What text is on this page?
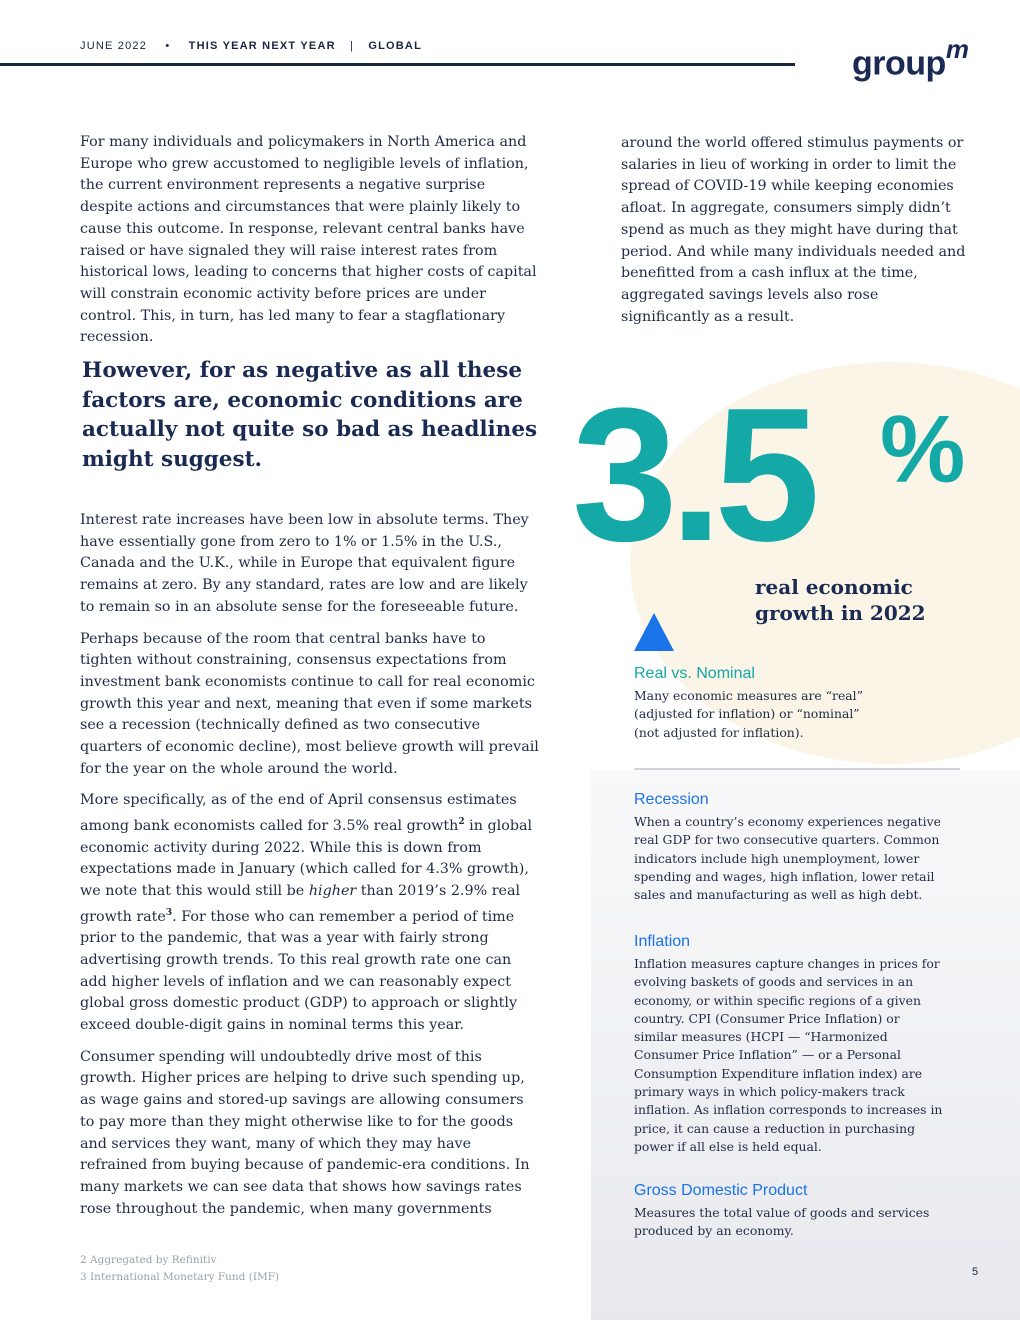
JUNE 2022 • THIS YEAR NEXT YEAR | GLOBAL	group$^m$

For many individuals and policymakers in North America and Europe who grew accustomed to negligible levels of inflation, the current environment represents a negative surprise despite actions and circumstances that were plainly likely to cause this outcome. In response, relevant central banks have raised or have signaled they will raise interest rates from historical lows, leading to concerns that higher costs of capital will constrain economic activity before prices are under control. This, in turn, has led many to fear a stagflationary recession.

However, for as negative as all these factors are, economic conditions are actually not quite so bad as headlines might suggest.

Interest rate increases have been low in absolute terms. They have essentially gone from zero to 1% or 1.5% in the U.S., Canada and the U.K., while in Europe that equivalent figure remains at zero. By any standard, rates are low and are likely to remain so in an absolute sense for the foreseeable future.

Perhaps because of the room that central banks have to tighten without constraining, consensus expectations from investment bank economists continue to call for real economic growth this year and next, meaning that even if some markets see a recession (technically defined as two consecutive quarters of economic decline), most believe growth will prevail for the year on the whole around the world.

More specifically, as of the end of April consensus estimates among bank economists called for 3.5% real growth$^2$ in global economic activity during 2022. While this is down from expectations made in January (which called for 4.3% growth), we note that this would still be higher than 2019’s 2.9% real growth rate$^3$. For those who can remember a period of time prior to the pandemic, that was a year with fairly strong advertising growth trends. To this real growth rate one can add higher levels of inflation and we can reasonably expect global gross domestic product (GDP) to approach or slightly exceed double-digit gains in nominal terms this year.

Consumer spending will undoubtedly drive most of this growth. Higher prices are helping to drive such spending up, as wage gains and stored-up savings are allowing consumers to pay more than they might otherwise like to for the goods and services they want, many of which they may have refrained from buying because of pandemic-era conditions. In many markets we can see data that shows how savings rates rose throughout the pandemic, when many governments

around the world offered stimulus payments or salaries in lieu of working in order to limit the spread of COVID-19 while keeping economies afloat. In aggregate, consumers simply didn’t spend as much as they might have during that period. And while many individuals needed and benefitted from a cash influx at the time, aggregated savings levels also rose significantly as a result.

3.5 %
real economic growth in 2022
Real vs. Nominal

Many economic measures are “real” (adjusted for inflation) or “nominal” (not adjusted for inflation).

Recession

When a country’s economy experiences negative real GDP for two consecutive quarters. Common indicators include high unemployment, lower spending and wages, high inflation, lower retail sales and manufacturing as well as high debt.

Inflation

Inflation measures capture changes in prices for evolving baskets of goods and services in an economy, or within specific regions of a given country. CPI (Consumer Price Inflation) or similar measures (HCPI — “Harmonized Consumer Price Inflation” — or a Personal Consumption Expenditure inflation index) are primary ways in which policy-makers track inflation. As inflation corresponds to increases in price, it can cause a reduction in purchasing power if all else is held equal.

Gross Domestic Product

Measures the total value of goods and services produced by an economy.

2 Aggregated by Refinitiv
3 International Monetary Fund (IMF)	5
